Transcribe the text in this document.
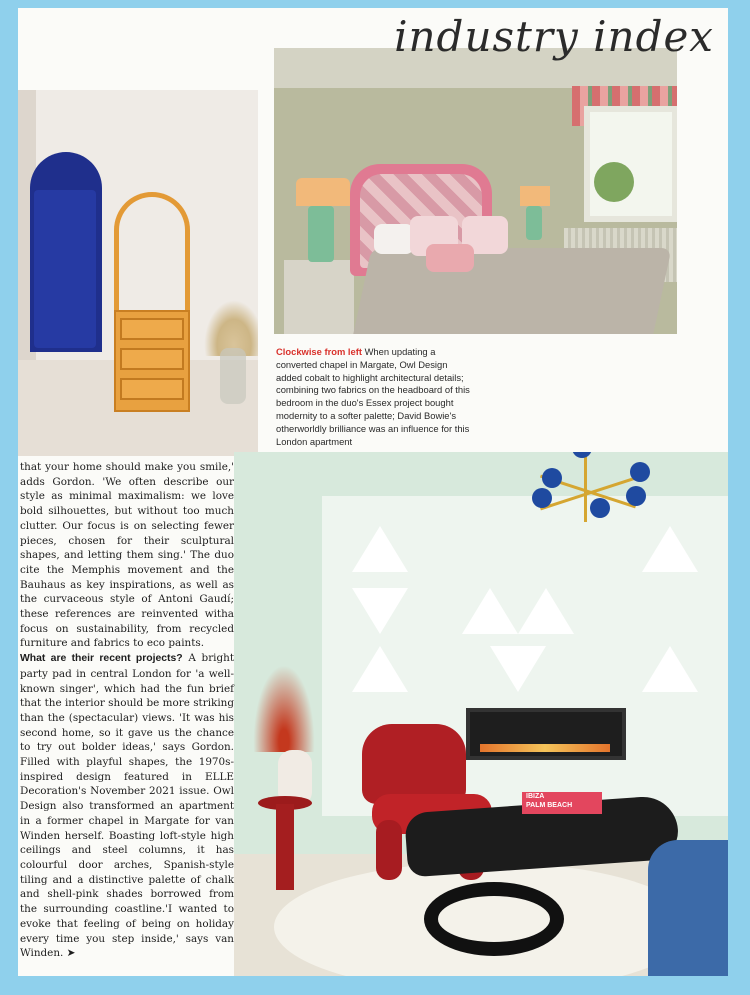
industry index
Clockwise from left When updating a converted chapel in Margate, Owl Design added cobalt to highlight architectural details; combining two fabrics on the headboard of this bedroom in the duo's Essex project bought modernity to a softer palette; David Bowie's otherworldly brilliance was an influence for this London apartment
IBIZA
PALM BEACH

that your home should make you smile,' adds Gordon. 'We often describe our style as minimal maximalism: we love bold silhouettes, but without too much clutter. Our focus is on selecting fewer pieces, chosen for their sculptural shapes, and letting them sing.' The duo cite the Memphis movement and the Bauhaus as key inspirations, as well as the curvaceous style of Antoni Gaudí; these references are reinvented witha focus on sustainability, from recycled furniture and fabrics to eco paints.

What are their recent projects? A bright party pad in central London for 'a well-known singer', which had the fun brief that the interior should be more striking than the (spectacular) views. 'It was his second home, so it gave us the chance to try out bolder ideas,' says Gordon. Filled with playful shapes, the 1970s-inspired design featured in ELLE Decoration's November 2021 issue. Owl Design also transformed an apartment in a former chapel in Margate for van Winden herself. Boasting loft-style high ceilings and steel columns, it has colourful door arches, Spanish-style tiling and a distinctive palette of chalk and shell-pink shades borrowed from the surrounding coastline.'I wanted to evoke that feeling of being on holiday every time you step inside,' says van Winden. ➤
